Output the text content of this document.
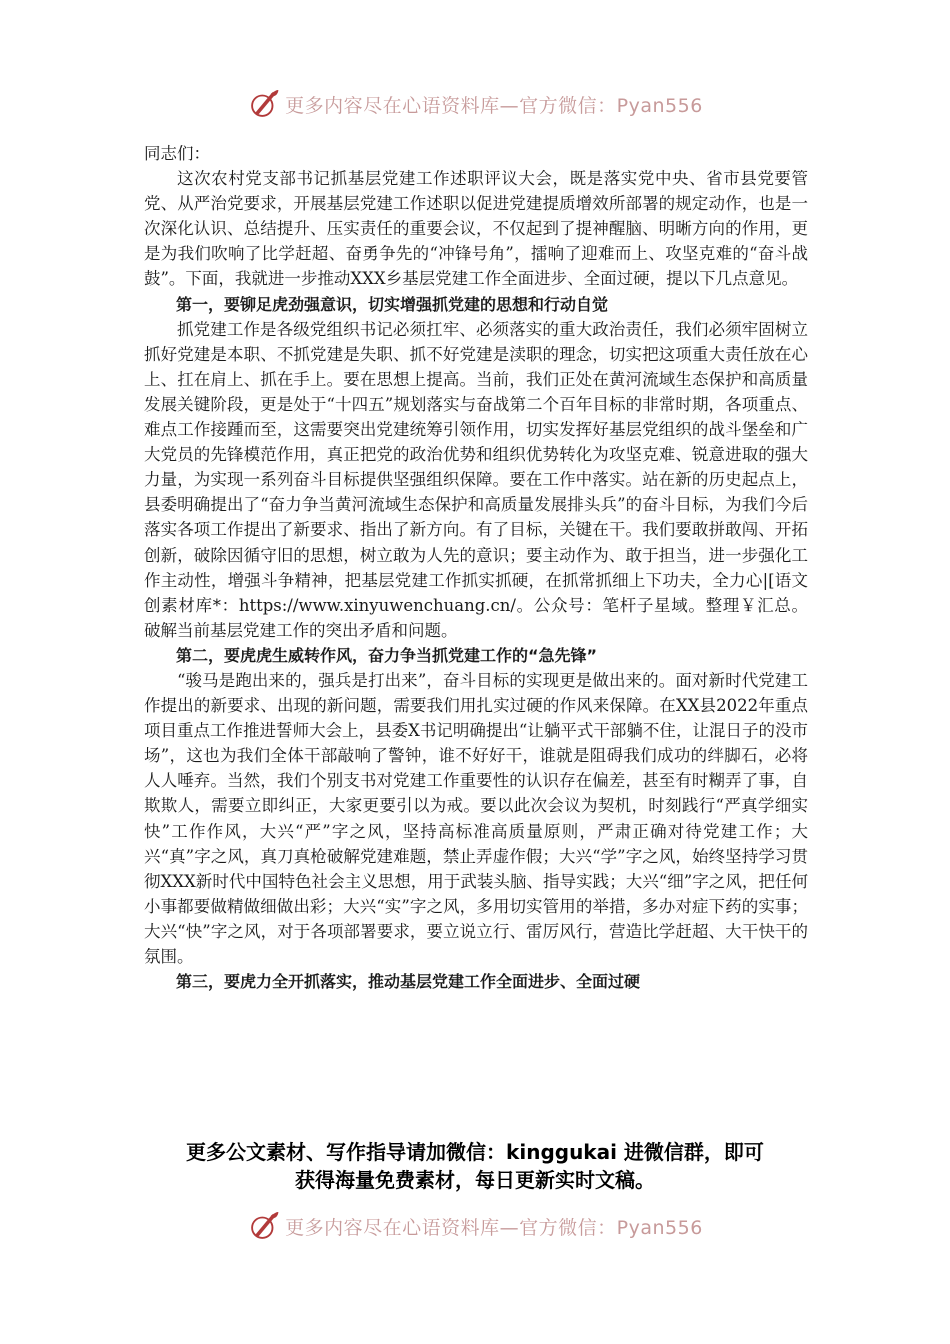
更多内容尽在心语资料库—官方微信：Pyan556

同志们：

这次农村党支部书记抓基层党建工作述职评议大会，既是落实党中央、省市县党要管党、从严治党要求，开展基层党建工作述职以促进党建提质增效所部署的规定动作，也是一次深化认识、总结提升、压实责任的重要会议，不仅起到了提神醒脑、明晰方向的作用，更是为我们吹响了比学赶超、奋勇争先的“冲锋号角”，擂响了迎难而上、攻坚克难的“奋斗战鼓”。下面，我就进一步推动XXX乡基层党建工作全面进步、全面过硬，提以下几点意见。

第一，要铆足虎劲强意识，切实增强抓党建的思想和行动自觉

抓党建工作是各级党组织书记必须扛牢、必须落实的重大政治责任，我们必须牢固树立抓好党建是本职、不抓党建是失职、抓不好党建是渎职的理念，切实把这项重大责任放在心上、扛在肩上、抓在手上。要在思想上提高。当前，我们正处在黄河流域生态保护和高质量发展关键阶段，更是处于“十四五”规划落实与奋战第二个百年目标的非常时期，各项重点、难点工作接踵而至，这需要突出党建统筹引领作用，切实发挥好基层党组织的战斗堡垒和广大党员的先锋模范作用，真正把党的政治优势和组织优势转化为攻坚克难、锐意进取的强大力量，为实现一系列奋斗目标提供坚强组织保障。要在工作中落实。站在新的历史起点上，县委明确提出了“奋力争当黄河流域生态保护和高质量发展排头兵”的奋斗目标，为我们今后落实各项工作提出了新要求、指出了新方向。有了目标，关键在干。我们要敢拼敢闯、开拓创新，破除因循守旧的思想，树立敢为人先的意识；要主动作为、敢于担当，进一步强化工作主动性，增强斗争精神，把基层党建工作抓实抓硬，在抓常抓细上下功夫，全力心|[语文创素材库*：https://www.xinyuwenchuang.cn/。公众号：笔杆子星域。整理￥汇总。破解当前基层党建工作的突出矛盾和问题。

第二，要虎虎生威转作风，奋力争当抓党建工作的“急先锋”

“骏马是跑出来的，强兵是打出来”，奋斗目标的实现更是做出来的。面对新时代党建工作提出的新要求、出现的新问题，需要我们用扎实过硬的作风来保障。在XX县2022年重点项目重点工作推进誓师大会上，县委X书记明确提出“让躺平式干部躺不住，让混日子的没市场”，这也为我们全体干部敲响了警钟，谁不好好干，谁就是阻碍我们成功的绊脚石，必将人人唾弃。当然，我们个别支书对党建工作重要性的认识存在偏差，甚至有时糊弄了事，自欺欺人，需要立即纠正，大家更要引以为戒。要以此次会议为契机，时刻践行“严真学细实快”工作作风，大兴“严”字之风，坚持高标准高质量原则，严肃正确对待党建工作；大兴“真”字之风，真刀真枪破解党建难题，禁止弄虚作假；大兴“学”字之风，始终坚持学习贯彻XXX新时代中国特色社会主义思想，用于武装头脑、指导实践；大兴“细”字之风，把任何小事都要做精做细做出彩；大兴“实”字之风，多用切实管用的举措，多办对症下药的实事；大兴“快”字之风，对于各项部署要求，要立说立行、雷厉风行，营造比学赶超、大干快干的氛围。

第三，要虎力全开抓落实，推动基层党建工作全面进步、全面过硬

更多公文素材、写作指导请加微信：kinggukai 进微信群，即可
获得海量免费素材，每日更新实时文稿。
更多内容尽在心语资料库—官方微信：Pyan556
